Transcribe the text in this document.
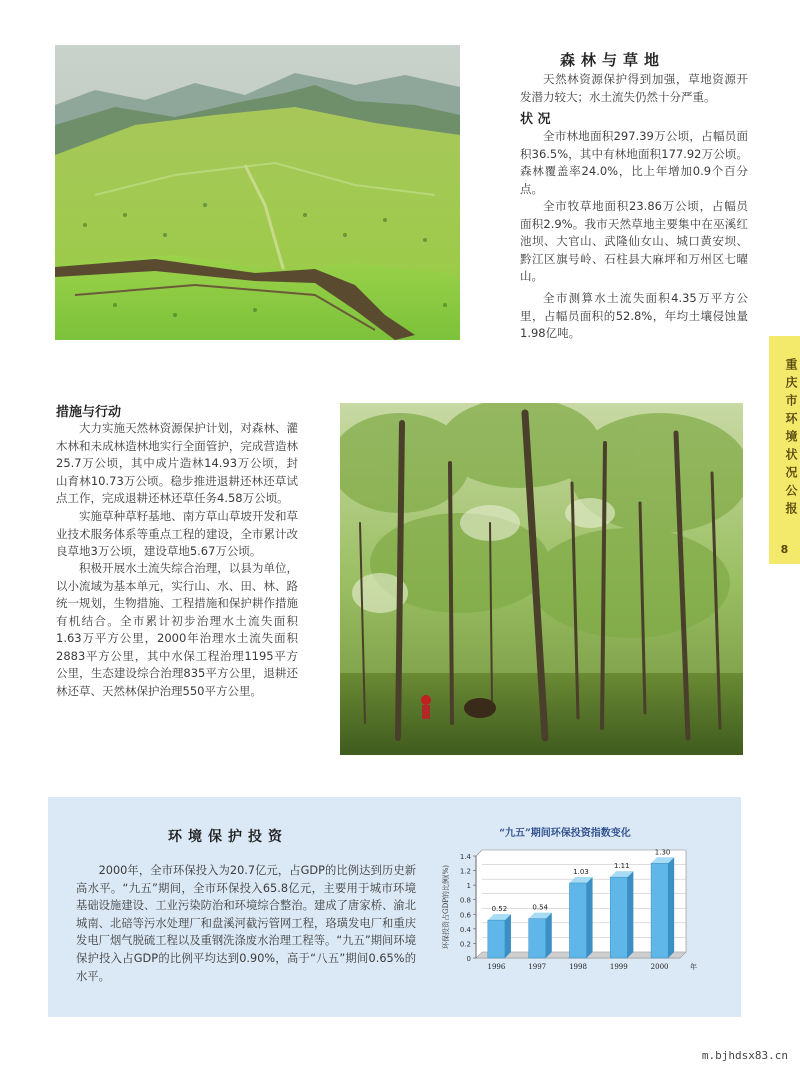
森林与草地

天然林资源保护得到加强，草地资源开发潜力较大；水土流失仍然十分严重。

状 况

全市林地面积297.39万公顷，占幅员面积36.5%，其中有林地面积177.92万公顷。森林覆盖率24.0%，比上年增加0.9个百分点。

全市牧草地面积23.86万公顷，占幅员面积2.9%。我市天然草地主要集中在巫溪红池坝、大官山、武隆仙女山、城口黄安坝、黔江区旗号岭、石柱县大麻坪和万州区七曜山。

全市测算水土流失面积4.35万平方公里，占幅员面积的52.8%，年均土壤侵蚀量1.98亿吨。

重庆市环境状况公报
8
措施与行动

大力实施天然林资源保护计划，对森林、灌木林和未成林造林地实行全面管护，完成营造林25.7万公顷，其中成片造林14.93万公顷，封山育林10.73万公顷。稳步推进退耕还林还草试点工作，完成退耕还林还草任务4.58万公顷。

实施草种草籽基地、南方草山草坡开发和草业技术服务体系等重点工程的建设，全市累计改良草地3万公顷，建设草地5.67万公顷。

积极开展水土流失综合治理，以县为单位，以小流域为基本单元，实行山、水、田、林、路统一规划，生物措施、工程措施和保护耕作措施有机结合。全市累计初步治理水土流失面积1.63万平方公里，2000年治理水土流失面积2883平方公里，其中水保工程治理1195平方公里，生态建设综合治理835平方公里，退耕还林还草、天然林保护治理550平方公里。

环境保护投资

2000年，全市环保投入为20.7亿元，占GDP的比例达到历史新高水平。“九五”期间，全市环保投入65.8亿元，主要用于城市环境基础设施建设、工业污染防治和环境综合整治。建成了唐家桥、渝北城南、北碚等污水处理厂和盘溪河截污管网工程，珞璜发电厂和重庆发电厂烟气脱硫工程以及重钢洗涤废水治理工程等。“九五”期间环境保护投入占GDP的比例平均达到0.90%，高于“八五”期间0.65%的水平。

“九五”期间环保投资指数变化
0
0.2
0.4
0.6
0.8
1
1.2
1.4
环保投资占GDP的比例(%)	0.52
1996
0.54
1997
1.03
1998
1.11
1999
1.30
2000	年
m.bjhdsx83.cn
